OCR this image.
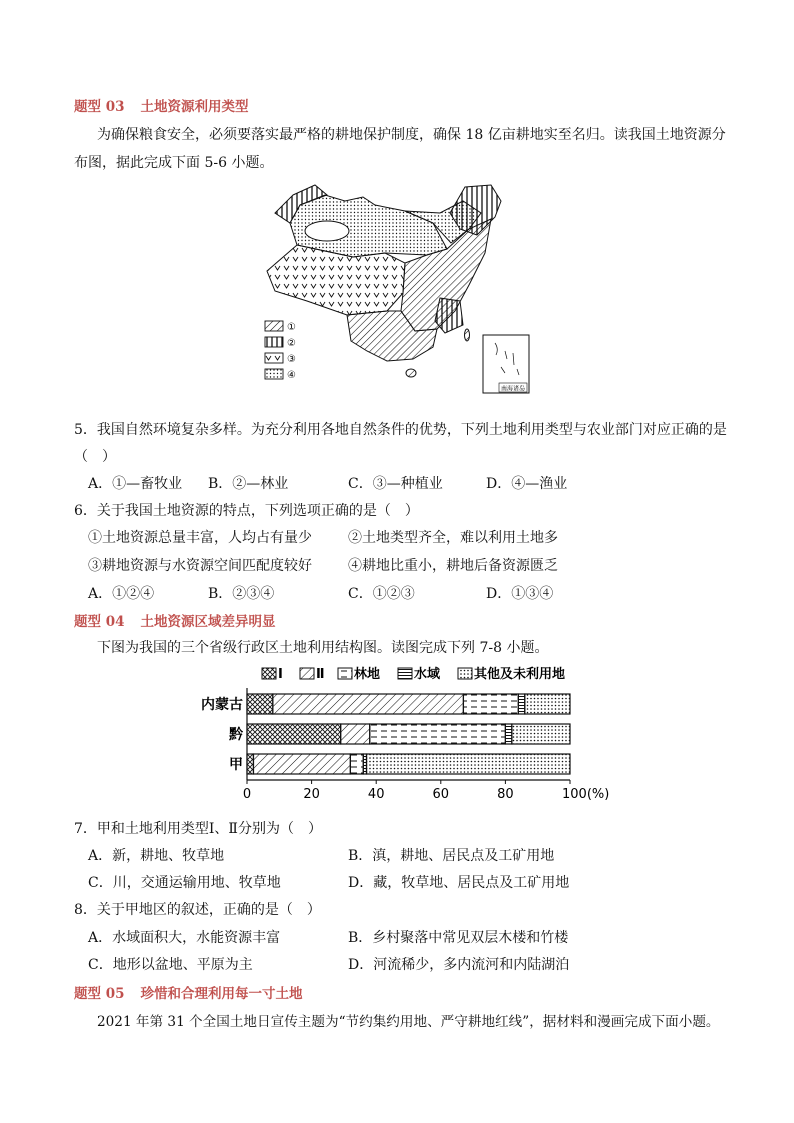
题型 03 土地资源利用类型
为确保粮食安全，必须要落实最严格的耕地保护制度，确保 18 亿亩耕地实至名归。读我国土地资源分
布图，据此完成下面 5-6 小题。
①
②
③
④
南海诸岛
5．我国自然环境复杂多样。为充分利用各地自然条件的优势，下列土地利用类型与农业部门对应正确的是
（　）
A．①—畜牧业 B．②—林业	C．③—种植业	D．④—渔业
6．关于我国土地资源的特点，下列选项正确的是（　）
①土地资源总量丰富，人均占有量少	②土地类型齐全，难以利用土地多
③耕地资源与水资源空间匹配度较好	④耕地比重小，耕地后备资源匮乏
A．①②④	B．②③④	C．①②③	D．①③④
题型 04 土地资源区域差异明显
下图为我国的三个省级行政区土地利用结构图。读图完成下列 7-8 小题。
Ⅰ	Ⅱ 林地	水域	其他及未利用地
内蒙古
黔
甲
0	20	40	60	80	100(%)
7．甲和土地利用类型Ⅰ、Ⅱ分别为（　）
A．新，耕地、牧草地	B．滇，耕地、居民点及工矿用地
C．川，交通运输用地、牧草地	D．藏，牧草地、居民点及工矿用地
8．关于甲地区的叙述，正确的是（　）
A．水域面积大，水能资源丰富	B．乡村聚落中常见双层木楼和竹楼
C．地形以盆地、平原为主	D．河流稀少，多内流河和内陆湖泊
题型 05 珍惜和合理利用每一寸土地
2021 年第 31 个全国土地日宣传主题为“节约集约用地、严守耕地红线”，据材料和漫画完成下面小题。
